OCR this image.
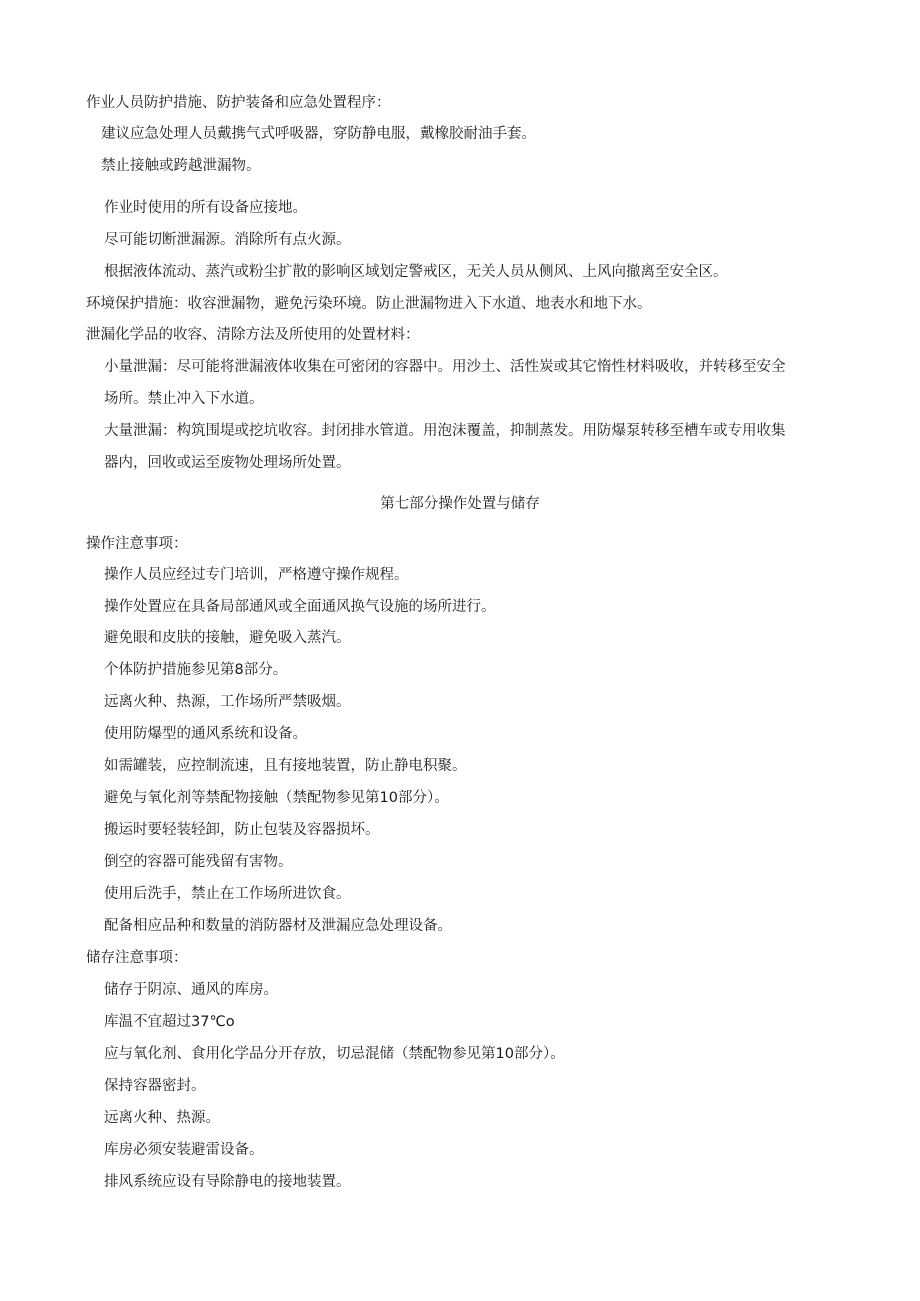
作业人员防护措施、防护装备和应急处置程序：
建议应急处理人员戴携气式呼吸器，穿防静电服，戴橡胶耐油手套。
禁止接触或跨越泄漏物。
作业时使用的所有设备应接地。
尽可能切断泄漏源。消除所有点火源。
根据液体流动、蒸汽或粉尘扩散的影响区域划定警戒区，无关人员从侧风、上风向撤离至安全区。
环境保护措施：收容泄漏物，避免污染环境。防止泄漏物进入下水道、地表水和地下水。
泄漏化学品的收容、清除方法及所使用的处置材料：
小量泄漏：尽可能将泄漏液体收集在可密闭的容器中。用沙土、活性炭或其它惰性材料吸收，并转移至安全
场所。禁止冲入下水道。
大量泄漏：构筑围堤或挖坑收容。封闭排水管道。用泡沫覆盖，抑制蒸发。用防爆泵转移至槽车或专用收集
器内，回收或运至废物处理场所处置。
第七部分操作处置与储存
操作注意事项：
操作人员应经过专门培训，严格遵守操作规程。
操作处置应在具备局部通风或全面通风换气设施的场所进行。
避免眼和皮肤的接触，避免吸入蒸汽。
个体防护措施参见第8部分。
远离火种、热源，工作场所严禁吸烟。
使用防爆型的通风系统和设备。
如需罐装，应控制流速，且有接地装置，防止静电积聚。
避免与氧化剂等禁配物接触（禁配物参见第10部分）。
搬运时要轻装轻卸，防止包装及容器损坏。
倒空的容器可能残留有害物。
使用后洗手，禁止在工作场所进饮食。
配备相应品种和数量的消防器材及泄漏应急处理设备。
储存注意事项：
储存于阴凉、通风的库房。
库温不宜超过37℃o
应与氧化剂、食用化学品分开存放，切忌混储（禁配物参见第10部分）。
保持容器密封。
远离火种、热源。
库房必须安装避雷设备。
排风系统应设有导除静电的接地装置。
